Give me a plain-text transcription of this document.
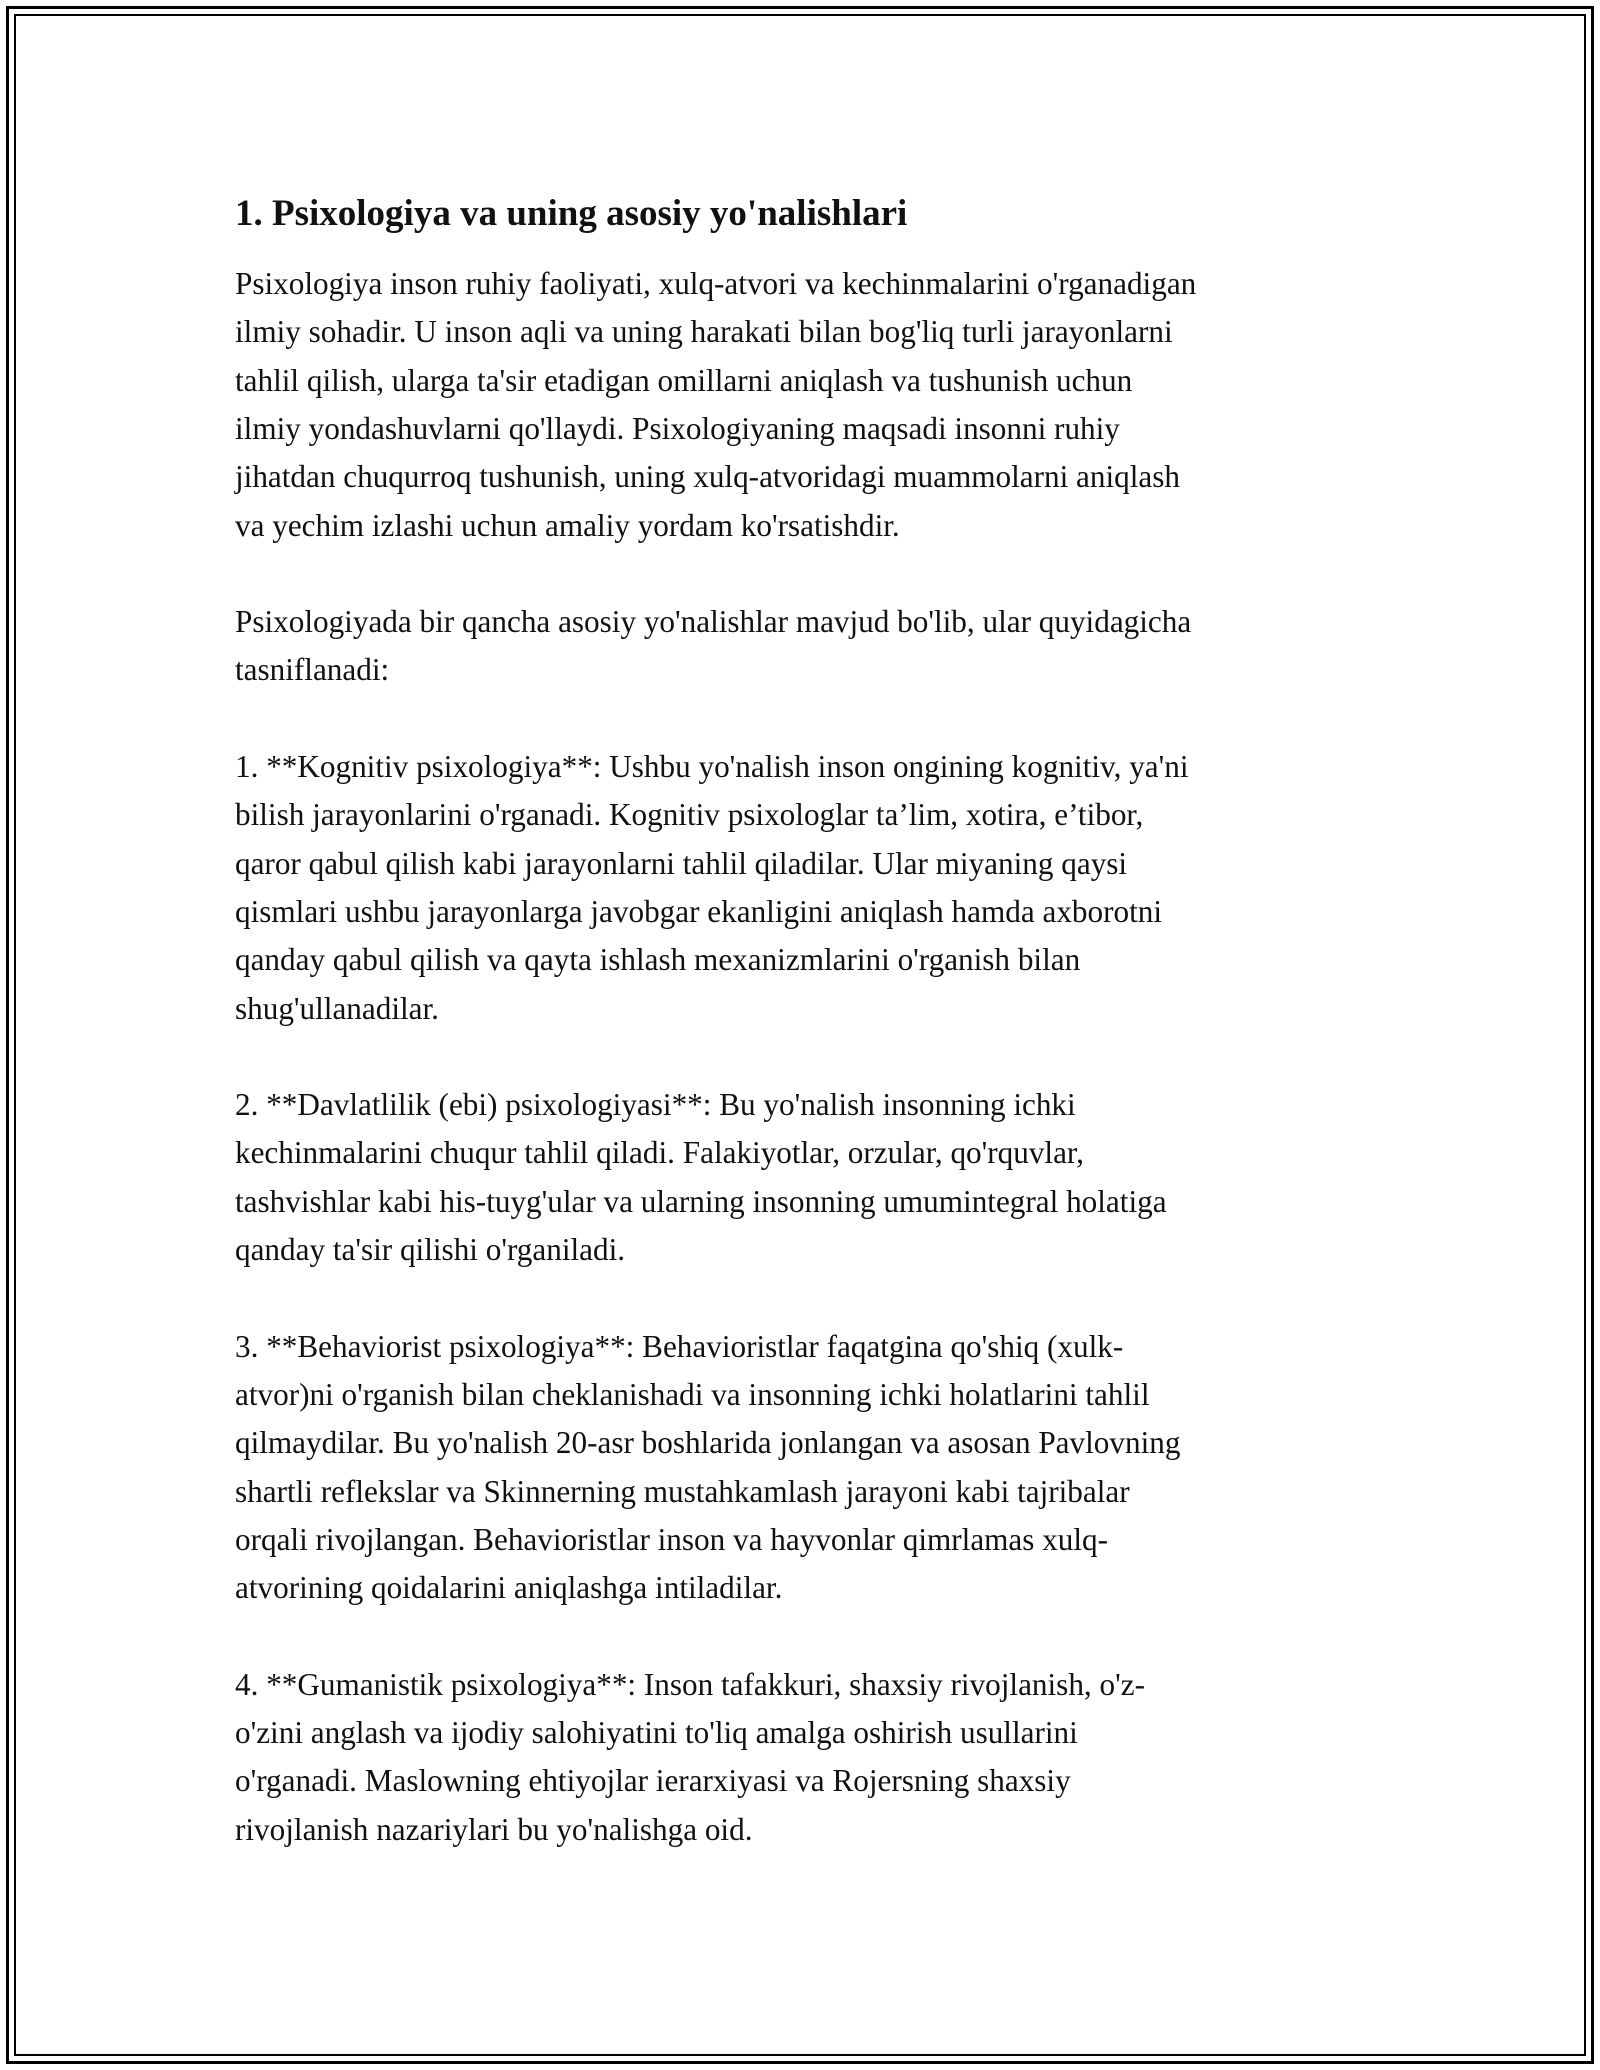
1. Psixologiya va uning asosiy yo'nalishlari

Psixologiya inson ruhiy faoliyati, xulq-atvori va kechinmalarini o'rganadigan
ilmiy sohadir. U inson aqli va uning harakati bilan bog'liq turli jarayonlarni
tahlil qilish, ularga ta'sir etadigan omillarni aniqlash va tushunish uchun
ilmiy yondashuvlarni qo'llaydi. Psixologiyaning maqsadi insonni ruhiy
jihatdan chuqurroq tushunish, uning xulq-atvoridagi muammolarni aniqlash
va yechim izlashi uchun amaliy yordam ko'rsatishdir.

Psixologiyada bir qancha asosiy yo'nalishlar mavjud bo'lib, ular quyidagicha
tasniflanadi:

1. **Kognitiv psixologiya**: Ushbu yo'nalish inson ongining kognitiv, ya'ni
bilish jarayonlarini o'rganadi. Kognitiv psixologlar ta’lim, xotira, e’tibor,
qaror qabul qilish kabi jarayonlarni tahlil qiladilar. Ular miyaning qaysi
qismlari ushbu jarayonlarga javobgar ekanligini aniqlash hamda axborotni
qanday qabul qilish va qayta ishlash mexanizmlarini o'rganish bilan
shug'ullanadilar.

2. **Davlatlilik (ebi) psixologiyasi**: Bu yo'nalish insonning ichki
kechinmalarini chuqur tahlil qiladi. Falakiyotlar, orzular, qo'rquvlar,
tashvishlar kabi his-tuyg'ular va ularning insonning umumintegral holatiga
qanday ta'sir qilishi o'rganiladi.

3. **Behaviorist psixologiya**: Behavioristlar faqatgina qo'shiq (xulk-
atvor)ni o'rganish bilan cheklanishadi va insonning ichki holatlarini tahlil
qilmaydilar. Bu yo'nalish 20-asr boshlarida jonlangan va asosan Pavlovning
shartli reflekslar va Skinnerning mustahkamlash jarayoni kabi tajribalar
orqali rivojlangan. Behavioristlar inson va hayvonlar qimrlamas xulq-
atvorining qoidalarini aniqlashga intiladilar.

4. **Gumanistik psixologiya**: Inson tafakkuri, shaxsiy rivojlanish, o'z-
o'zini anglash va ijodiy salohiyatini to'liq amalga oshirish usullarini
o'rganadi. Maslowning ehtiyojlar ierarxiyasi va Rojersning shaxsiy
rivojlanish nazariylari bu yo'nalishga oid.
